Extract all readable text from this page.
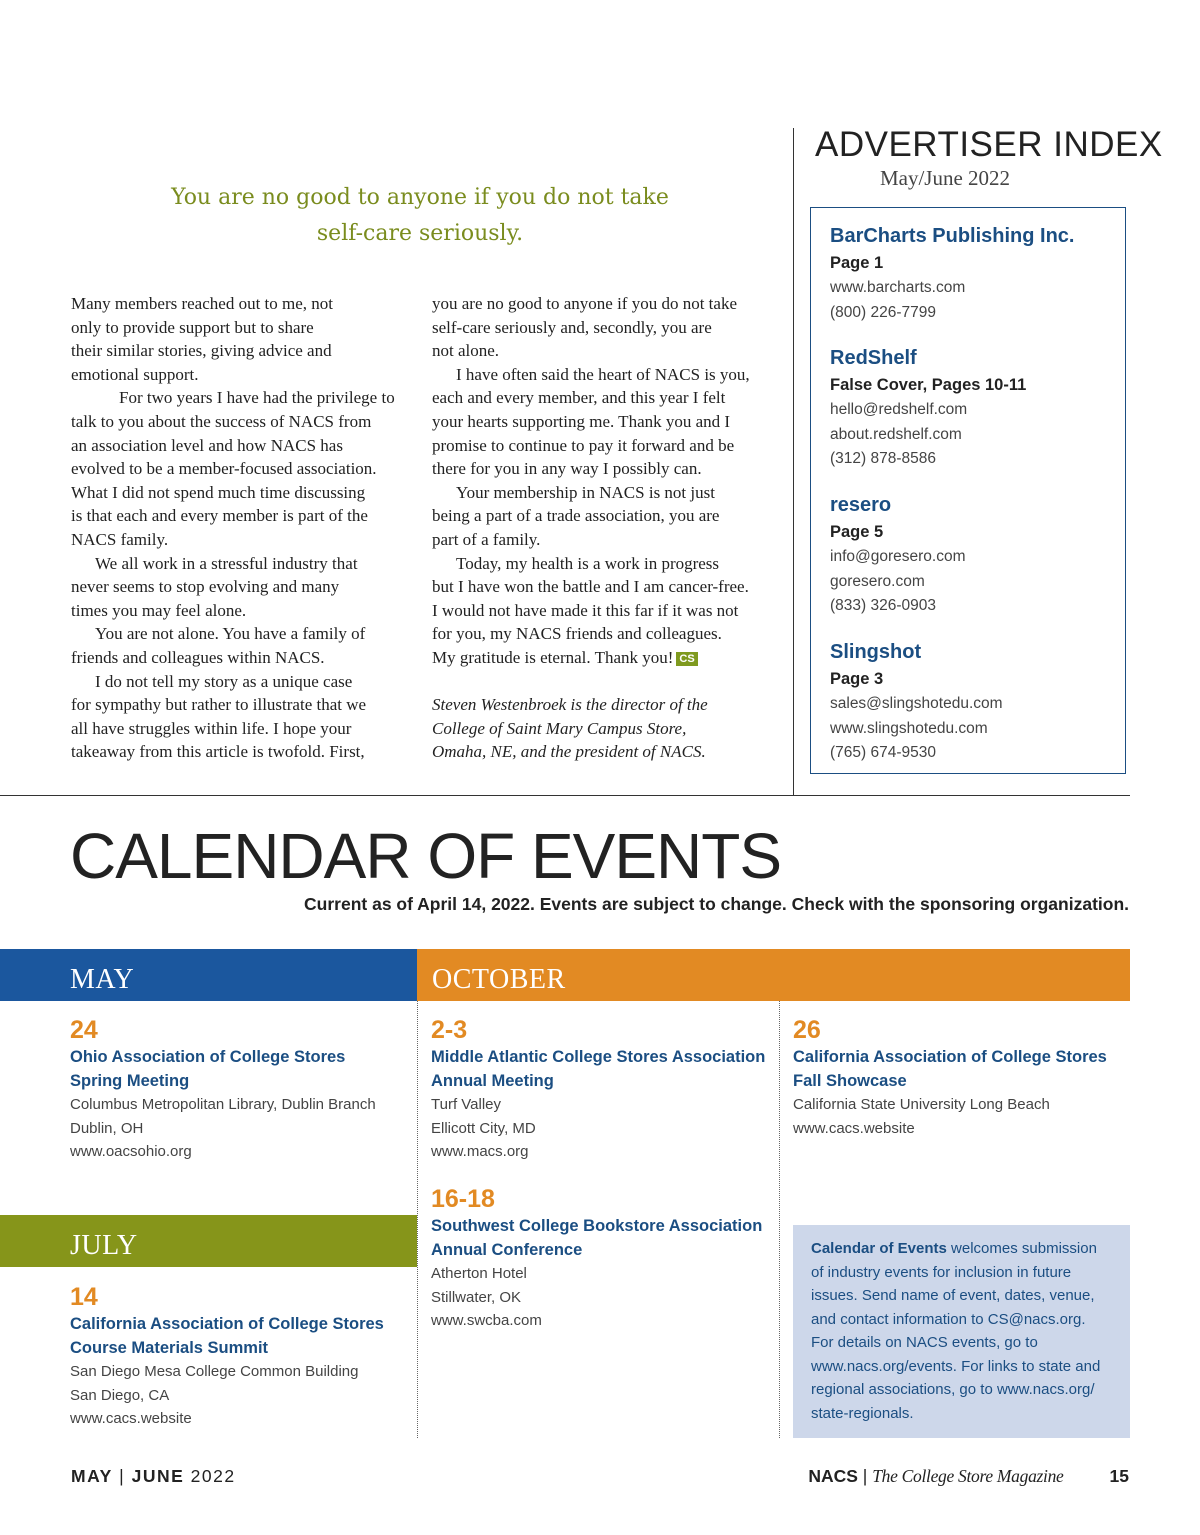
You are no good to anyone if you do not take
self-care seriously.
Many members reached out to me, not
only to provide support but to share
their similar stories, giving advice and
emotional support.
For two years I have had the privilege to
talk to you about the success of NACS from
an association level and how NACS has
evolved to be a member-focused association.
What I did not spend much time discussing
is that each and every member is part of the
NACS family.
We all work in a stressful industry that
never seems to stop evolving and many
times you may feel alone.
You are not alone. You have a family of
friends and colleagues within NACS.
I do not tell my story as a unique case
for sympathy but rather to illustrate that we
all have struggles within life. I hope your
takeaway from this article is twofold. First,
you are no good to anyone if you do not take
self-care seriously and, secondly, you are
not alone.
I have often said the heart of NACS is you,
each and every member, and this year I felt
your hearts supporting me. Thank you and I
promise to continue to pay it forward and be
there for you in any way I possibly can.
Your membership in NACS is not just
being a part of a trade association, you are
part of a family.
Today, my health is a work in progress
but I have won the battle and I am cancer-free.
I would not have made it this far if it was not
for you, my NACS friends and colleagues.
My gratitude is eternal. Thank you! CS
Steven Westenbroek is the director of the
College of Saint Mary Campus Store,
Omaha, NE, and the president of NACS.
ADVERTISER INDEX
May/June 2022
BarCharts Publishing Inc.
Page 1
www.barcharts.com
(800) 226-7799
RedShelf
False Cover, Pages 10-11
hello@redshelf.com
about.redshelf.com
(312) 878-8586
resero
Page 5
info@goresero.com
goresero.com
(833) 326-0903
Slingshot
Page 3
sales@slingshotedu.com
www.slingshotedu.com
(765) 674-9530
CALENDAR OF EVENTS
Current as of April 14, 2022. Events are subject to change. Check with the sponsoring organization.
MAY	OCTOBER
JULY
24
Ohio Association of College Stores
Spring Meeting
Columbus Metropolitan Library, Dublin Branch
Dublin, OH
www.oacsohio.org
2-3
Middle Atlantic College Stores Association
Annual Meeting
Turf Valley
Ellicott City, MD
www.macs.org
26
California Association of College Stores
Fall Showcase
California State University Long Beach
www.cacs.website
16-18
Southwest College Bookstore Association
Annual Conference
Atherton Hotel
Stillwater, OK
www.swcba.com
14
California Association of College Stores
Course Materials Summit
San Diego Mesa College Common Building
San Diego, CA
www.cacs.website
Calendar of Events welcomes submission
of industry events for inclusion in future
issues. Send name of event, dates, venue,
and contact information to CS@nacs.org.
For details on NACS events, go to
www.nacs.org/events. For links to state and
regional associations, go to www.nacs.org/
state-regionals.
MAY | JUNE 2022	NACS | The College Store Magazine	15
